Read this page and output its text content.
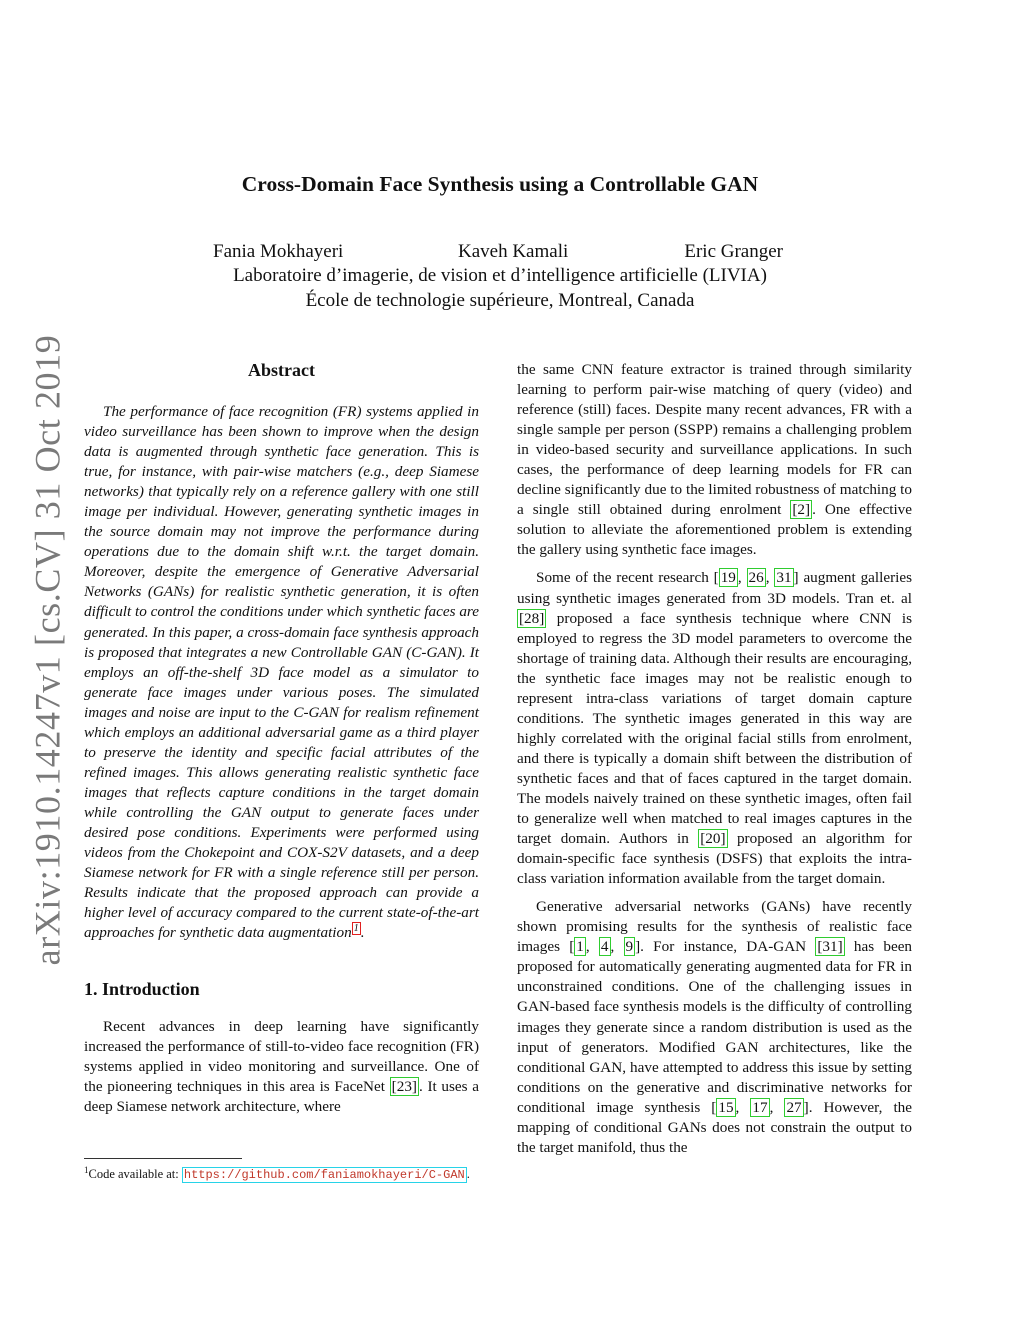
arXiv:1910.14247v1 [cs.CV] 31 Oct 2019
Cross-Domain Face Synthesis using a Controllable GAN
Fania Mokhayeri	Kaveh Kamali	Eric Granger
Laboratoire d’imagerie, de vision et d’intelligence artificielle (LIVIA)
École de technologie supérieure, Montreal, Canada
Abstract

The performance of face recognition (FR) systems applied in video surveillance has been shown to improve when the design data is augmented through synthetic face generation. This is true, for instance, with pair-wise matchers (e.g., deep Siamese networks) that typically rely on a reference gallery with one still image per individual. However, generating synthetic images in the source domain may not improve the performance during operations due to the domain shift w.r.t. the target domain. Moreover, despite the emergence of Generative Adversarial Networks (GANs) for realistic synthetic generation, it is often difficult to control the conditions under which synthetic faces are generated. In this paper, a cross-domain face synthesis approach is proposed that integrates a new Controllable GAN (C-GAN). It employs an off-the-shelf 3D face model as a simulator to generate face images under various poses. The simulated images and noise are input to the C-GAN for realism refinement which employs an additional adversarial game as a third player to preserve the identity and specific facial attributes of the refined images. This allows generating realistic synthetic face images that reflects capture conditions in the target domain while controlling the GAN output to generate faces under desired pose conditions. Experiments were performed using videos from the Chokepoint and COX-S2V datasets, and a deep Siamese network for FR with a single reference still per person. Results indicate that the proposed approach can provide a higher level of accuracy compared to the current state-of-the-art approaches for synthetic data augmentation $^1$ .

1. Introduction

Recent advances in deep learning have significantly increased the performance of still-to-video face recognition (FR) systems applied in video monitoring and surveillance. One of the pioneering techniques in this area is FaceNet [23] . It uses a deep Siamese network architecture, where

$^1$Code available at: https://github.com/faniamokhayeri/C-GAN .

the same CNN feature extractor is trained through similarity learning to perform pair-wise matching of query (video) and reference (still) faces. Despite many recent advances, FR with a single sample per person (SSPP) remains a challenging problem in video-based security and surveillance applications. In such cases, the performance of deep learning models for FR can decline significantly due to the limited robustness of matching to a single still obtained during enrolment [2] . One effective solution to alleviate the aforementioned problem is extending the gallery using synthetic face images.

Some of the recent research [ 19 , 26 , 31 ] augment galleries using synthetic images generated from 3D models. Tran et. al [28] proposed a face synthesis technique where CNN is employed to regress the 3D model parameters to overcome the shortage of training data. Although their results are encouraging, the synthetic face images may not be realistic enough to represent intra-class variations of target domain capture conditions. The synthetic images generated in this way are highly correlated with the original facial stills from enrolment, and there is typically a domain shift between the distribution of synthetic faces and that of faces captured in the target domain. The models naively trained on these synthetic images, often fail to generalize well when matched to real images captures in the target domain. Authors in [20] proposed an algorithm for domain-specific face synthesis (DSFS) that exploits the intra-class variation information available from the target domain.

Generative adversarial networks (GANs) have recently shown promising results for the synthesis of realistic face images [ 1 , 4 , 9 ]. For instance, DA-GAN [31] has been proposed for automatically generating augmented data for FR in unconstrained conditions. One of the challenging issues in GAN-based face synthesis models is the difficulty of controlling images they generate since a random distribution is used as the input of generators. Modified GAN architectures, like the conditional GAN, have attempted to address this issue by setting conditions on the generative and discriminative networks for conditional image synthesis [ 15 , 17 , 27 ]. However, the mapping of conditional GANs does not constrain the output to the target manifold, thus the
